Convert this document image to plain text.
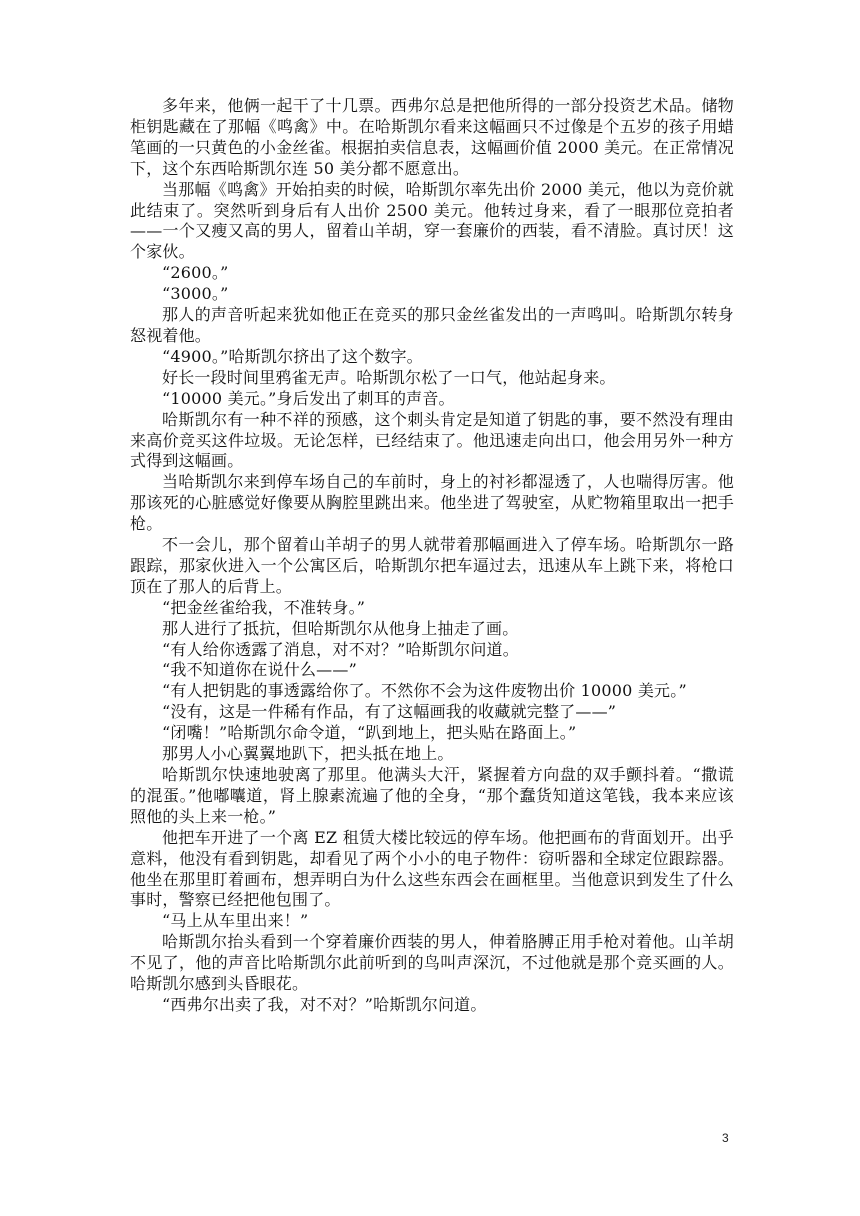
多年来，他俩一起干了十几票。西弗尔总是把他所得的一部分投资艺术品。储物柜钥匙藏在了那幅《鸣禽》中。在哈斯凯尔看来这幅画只不过像是个五岁的孩子用蜡笔画的一只黄色的小金丝雀。根据拍卖信息表，这幅画价值 2000 美元。在正常情况下，这个东西哈斯凯尔连 50 美分都不愿意出。

当那幅《鸣禽》开始拍卖的时候，哈斯凯尔率先出价 2000 美元，他以为竞价就此结束了。突然听到身后有人出价 2500 美元。他转过身来，看了一眼那位竞拍者——一个又瘦又高的男人，留着山羊胡，穿一套廉价的西装，看不清脸。真讨厌！这个家伙。

“2600。”

“3000。”

那人的声音听起来犹如他正在竞买的那只金丝雀发出的一声鸣叫。哈斯凯尔转身怒视着他。

“4900。”哈斯凯尔挤出了这个数字。

好长一段时间里鸦雀无声。哈斯凯尔松了一口气，他站起身来。

“10000 美元。”身后发出了刺耳的声音。

哈斯凯尔有一种不祥的预感，这个刺头肯定是知道了钥匙的事，要不然没有理由来高价竞买这件垃圾。无论怎样，已经结束了。他迅速走向出口，他会用另外一种方式得到这幅画。

当哈斯凯尔来到停车场自己的车前时，身上的衬衫都湿透了，人也喘得厉害。他那该死的心脏感觉好像要从胸腔里跳出来。他坐进了驾驶室，从贮物箱里取出一把手枪。

不一会儿，那个留着山羊胡子的男人就带着那幅画进入了停车场。哈斯凯尔一路跟踪，那家伙进入一个公寓区后，哈斯凯尔把车逼过去，迅速从车上跳下来，将枪口顶在了那人的后背上。

“把金丝雀给我，不准转身。”

那人进行了抵抗，但哈斯凯尔从他身上抽走了画。

“有人给你透露了消息，对不对？”哈斯凯尔问道。

“我不知道你在说什么——”

“有人把钥匙的事透露给你了。不然你不会为这件废物出价 10000 美元。”

“没有，这是一件稀有作品，有了这幅画我的收藏就完整了——”

“闭嘴！”哈斯凯尔命令道，“趴到地上，把头贴在路面上。”

那男人小心翼翼地趴下，把头抵在地上。

哈斯凯尔快速地驶离了那里。他满头大汗，紧握着方向盘的双手颤抖着。“撒谎的混蛋。”他嘟囔道，肾上腺素流遍了他的全身，“那个蠢货知道这笔钱，我本来应该照他的头上来一枪。”

他把车开进了一个离 EZ 租赁大楼比较远的停车场。他把画布的背面划开。出乎意料，他没有看到钥匙，却看见了两个小小的电子物件：窃听器和全球定位跟踪器。他坐在那里盯着画布，想弄明白为什么这些东西会在画框里。当他意识到发生了什么事时，警察已经把他包围了。

“马上从车里出来！”

哈斯凯尔抬头看到一个穿着廉价西装的男人，伸着胳膊正用手枪对着他。山羊胡不见了，他的声音比哈斯凯尔此前听到的鸟叫声深沉，不过他就是那个竞买画的人。哈斯凯尔感到头昏眼花。

“西弗尔出卖了我，对不对？”哈斯凯尔问道。

3
